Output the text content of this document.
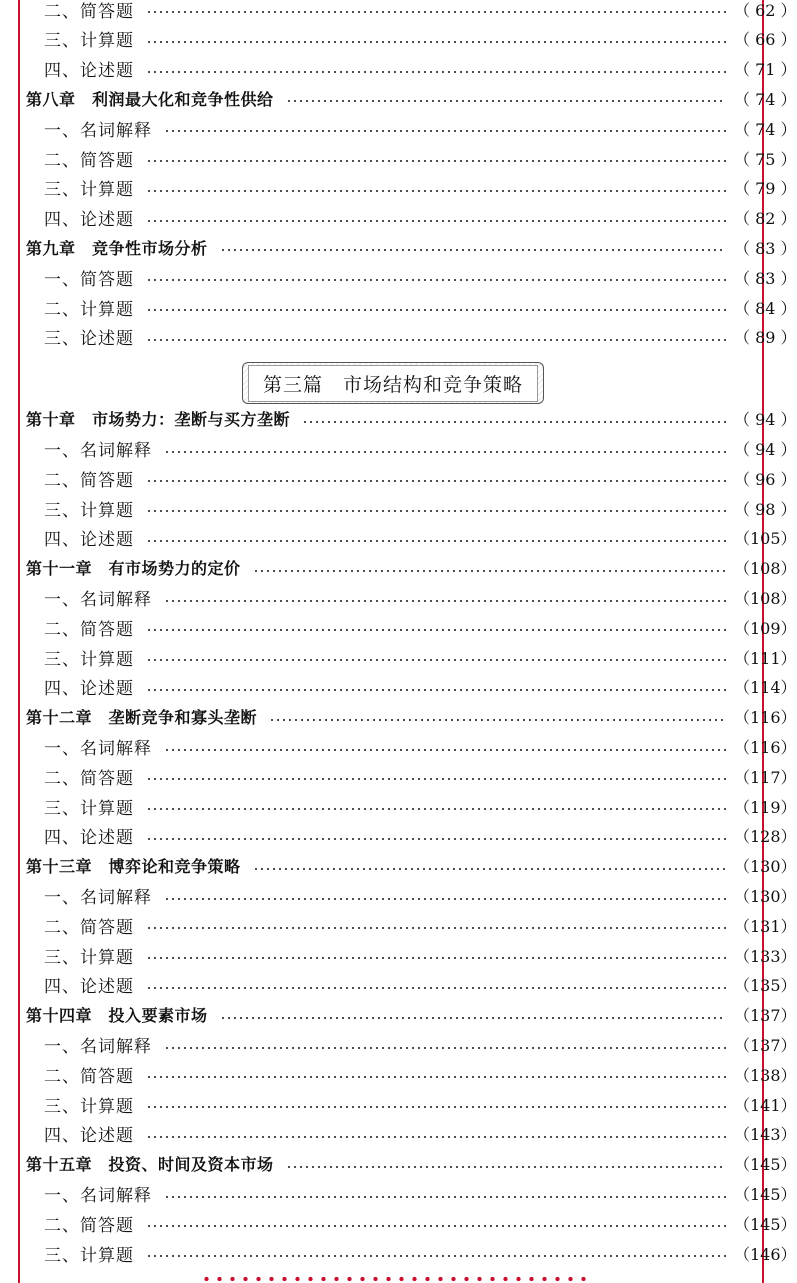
第三篇　市场结构和竞争策略
二、简答题	（ 62 ）
三、计算题	（ 66 ）
四、论述题	（ 71 ）
第八章　利润最大化和竞争性供给	（ 74 ）
一、名词解释	（ 74 ）
二、简答题	（ 75 ）
三、计算题	（ 79 ）
四、论述题	（ 82 ）
第九章　竞争性市场分析	（ 83 ）
一、简答题	（ 83 ）
二、计算题	（ 84 ）
三、论述题	（ 89 ）
第十章　市场势力：垄断与买方垄断	（ 94 ）
一、名词解释	（ 94 ）
二、简答题	（ 96 ）
三、计算题	（ 98 ）
四、论述题	（105）
第十一章　有市场势力的定价	（108）
一、名词解释	（108）
二、简答题	（109）
三、计算题	（111）
四、论述题	（114）
第十二章　垄断竞争和寡头垄断	（116）
一、名词解释	（116）
二、简答题	（117）
三、计算题	（119）
四、论述题	（128）
第十三章　博弈论和竞争策略	（130）
一、名词解释	（130）
二、简答题	（131）
三、计算题	（133）
四、论述题	（135）
第十四章　投入要素市场	（137）
一、名词解释	（137）
二、简答题	（138）
三、计算题	（141）
四、论述题	（143）
第十五章　投资、时间及资本市场	（145）
一、名词解释	（145）
二、简答题	（145）
三、计算题	（146）
